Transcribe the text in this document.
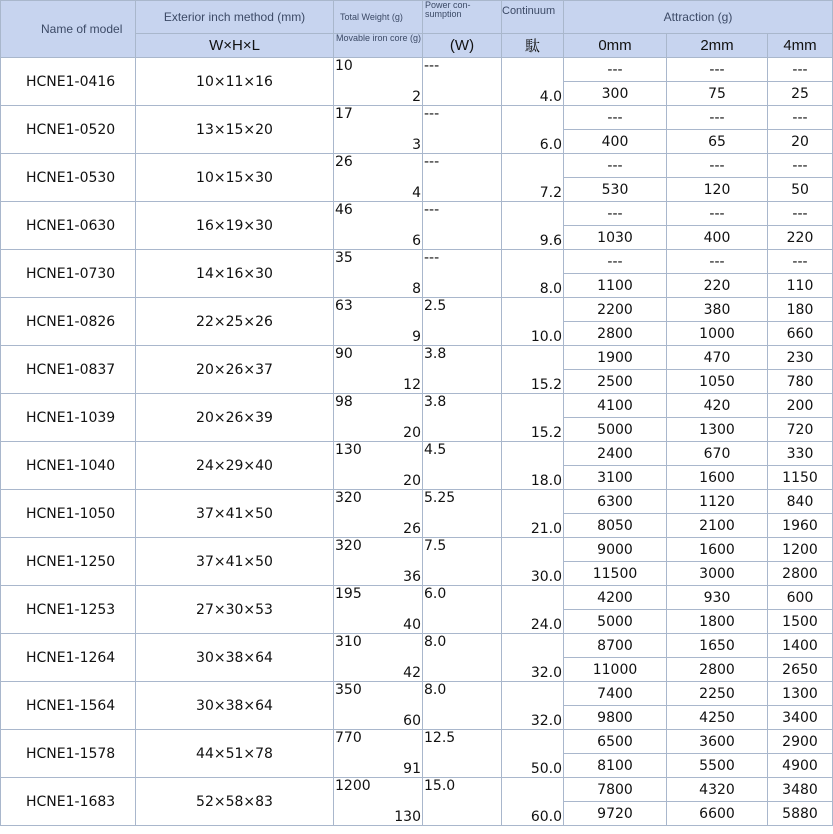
Name of model	Exterior inch method (mm)	Total Weight (g)	Power con- sumption	Continuum	Attraction (g)		
	W×H×L	Movable iron core (g)	(W)	駄	0mm	2mm	4mm
HCNE1-0416	10×11×16	10	---		---	---	---
		2		4.0	300	75	25
HCNE1-0520	13×15×20	17	---		---	---	---
		3		6.0	400	65	20
HCNE1-0530	10×15×30	26	---		---	---	---
		4		7.2	530	120	50
HCNE1-0630	16×19×30	46	---		---	---	---
		6		9.6	1030	400	220
HCNE1-0730	14×16×30	35	---		---	---	---
		8		8.0	1100	220	110
HCNE1-0826	22×25×26	63	2.5		2200	380	180
		9		10.0	2800	1000	660
HCNE1-0837	20×26×37	90	3.8		1900	470	230
		12		15.2	2500	1050	780
HCNE1-1039	20×26×39	98	3.8		4100	420	200
		20		15.2	5000	1300	720
HCNE1-1040	24×29×40	130	4.5		2400	670	330
		20		18.0	3100	1600	1150
HCNE1-1050	37×41×50	320	5.25		6300	1120	840
		26		21.0	8050	2100	1960
HCNE1-1250	37×41×50	320	7.5		9000	1600	1200
		36		30.0	11500	3000	2800
HCNE1-1253	27×30×53	195	6.0		4200	930	600
		40		24.0	5000	1800	1500
HCNE1-1264	30×38×64	310	8.0		8700	1650	1400
		42		32.0	11000	2800	2650
HCNE1-1564	30×38×64	350	8.0		7400	2250	1300
		60		32.0	9800	4250	3400
HCNE1-1578	44×51×78	770	12.5		6500	3600	2900
		91		50.0	8100	5500	4900
HCNE1-1683	52×58×83	1200	15.0		7800	4320	3480
		130		60.0	9720	6600	5880
